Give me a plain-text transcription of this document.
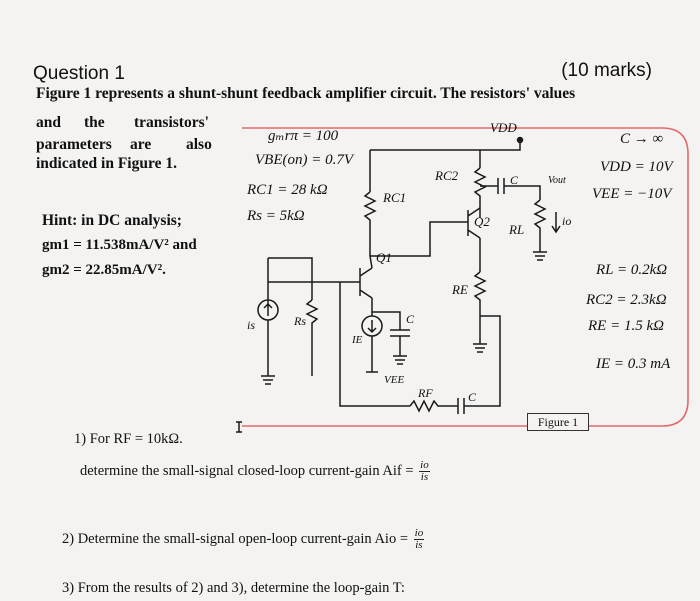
Question 1	(10 marks)
Figure 1 represents a shunt-shunt feedback amplifier circuit. The resistors' values
and the transistors'
parameters are also
indicated in Figure 1.
Hint: in DC analysis;
gm1 = 11.538mA/V² and
gm2 = 22.85mA/V².
gₘrπ = 100
VBE(on) = 0.7V
RC1 = 28 kΩ
Rs = 5kΩ
C → ∞
VDD = 10V
VEE = −10V
RL = 0.2kΩ
RC2 = 2.3kΩ
RE = 1.5 kΩ
IE = 0.3 mA
VDD
RC1
RC2	C	Vout
Q1
Q2
RL
io
RE
is	Rs	C
IE
VEE
RF	C
Figure 1
1) For RF = 10kΩ.
determine the small-signal closed-loop current-gain Aif = $\frac{io}{is}$
2) Determine the small-signal open-loop current-gain Aio = $\frac{io}{is}$
3) From the results of 2) and 3), determine the loop-gain T:
